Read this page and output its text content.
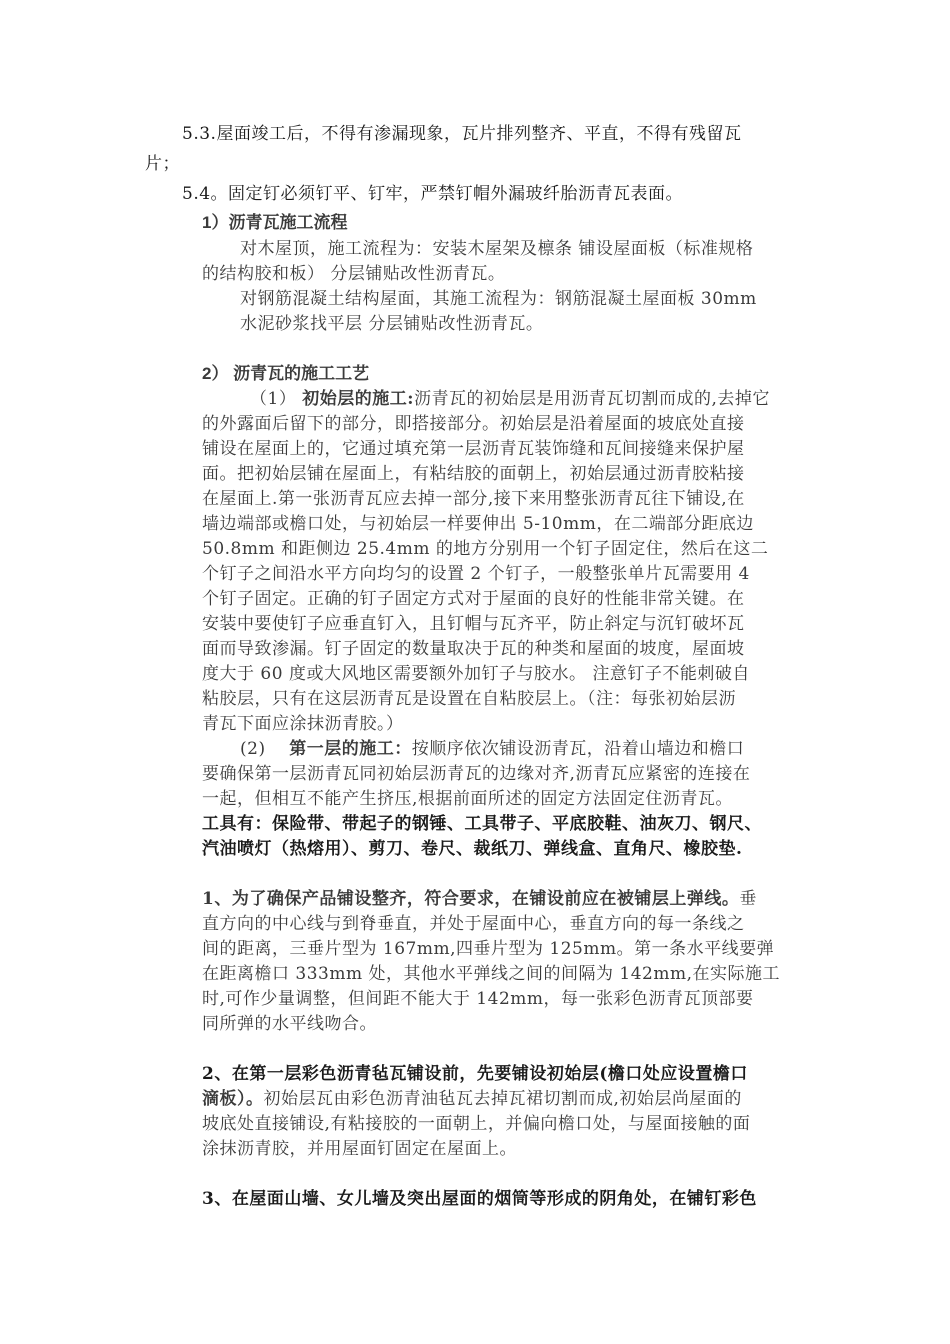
5.3.屋面竣工后，不得有渗漏现象，瓦片排列整齐、平直，不得有残留瓦

片；

5.4。固定钉必须钉平、钉牢，严禁钉帽外漏玻纤胎沥青瓦表面。

1）沥青瓦施工流程

对木屋顶，施工流程为：安装木屋架及檩条 铺设屋面板（标准规格

的结构胶和板） 分层铺贴改性沥青瓦。

对钢筋混凝土结构屋面，其施工流程为：钢筋混凝土屋面板 30mm

水泥砂浆找平层 分层铺贴改性沥青瓦。

2） 沥青瓦的施工工艺

（1） 初始层的施工:沥青瓦的初始层是用沥青瓦切割而成的,去掉它

的外露面后留下的部分，即搭接部分。初始层是沿着屋面的坡底处直接

铺设在屋面上的，它通过填充第一层沥青瓦装饰缝和瓦间接缝来保护屋

面。把初始层铺在屋面上，有粘结胶的面朝上，初始层通过沥青胶粘接

在屋面上.第一张沥青瓦应去掉一部分,接下来用整张沥青瓦往下铺设,在

墙边端部或檐口处，与初始层一样要伸出 5-10mm，在二端部分距底边

50.8mm 和距侧边 25.4mm 的地方分别用一个钉子固定住，然后在这二

个钉子之间沿水平方向均匀的设置 2 个钉子，一般整张单片瓦需要用 4

个钉子固定。正确的钉子固定方式对于屋面的良好的性能非常关键。在

安装中要使钉子应垂直钉入，且钉帽与瓦齐平，防止斜定与沉钉破坏瓦

面而导致渗漏。钉子固定的数量取决于瓦的种类和屋面的坡度，屋面坡

度大于 60 度或大风地区需要额外加钉子与胶水。 注意钉子不能刺破自

粘胶层，只有在这层沥青瓦是设置在自粘胶层上。（注：每张初始层沥

青瓦下面应涂抹沥青胶。）

(2) 第一层的施工：按顺序依次铺设沥青瓦，沿着山墙边和檐口

要确保第一层沥青瓦同初始层沥青瓦的边缘对齐,沥青瓦应紧密的连接在

一起，但相互不能产生挤压,根据前面所述的固定方法固定住沥青瓦。

工具有：保险带、带起子的钢锤、工具带子、平底胶鞋、油灰刀、钢尺、

汽油喷灯（热熔用）、剪刀、卷尺、裁纸刀、弹线盒、直角尺、橡胶垫.

1、为了确保产品铺设整齐，符合要求，在铺设前应在被铺层上弹线。垂

直方向的中心线与到脊垂直，并处于屋面中心，垂直方向的每一条线之

间的距离，三垂片型为 167mm,四垂片型为 125mm。第一条水平线要弹

在距离檐口 333mm 处，其他水平弹线之间的间隔为 142mm,在实际施工

时,可作少量调整，但间距不能大于 142mm，每一张彩色沥青瓦顶部要

同所弹的水平线吻合。

2、在第一层彩色沥青毡瓦铺设前，先要铺设初始层(檐口处应设置檐口

滴板）。初始层瓦由彩色沥青油毡瓦去掉瓦裙切割而成,初始层尚屋面的

坡底处直接铺设,有粘接胶的一面朝上，并偏向檐口处，与屋面接触的面

涂抹沥青胶，并用屋面钉固定在屋面上。

3、在屋面山墙、女儿墙及突出屋面的烟筒等形成的阴角处，在铺钉彩色
